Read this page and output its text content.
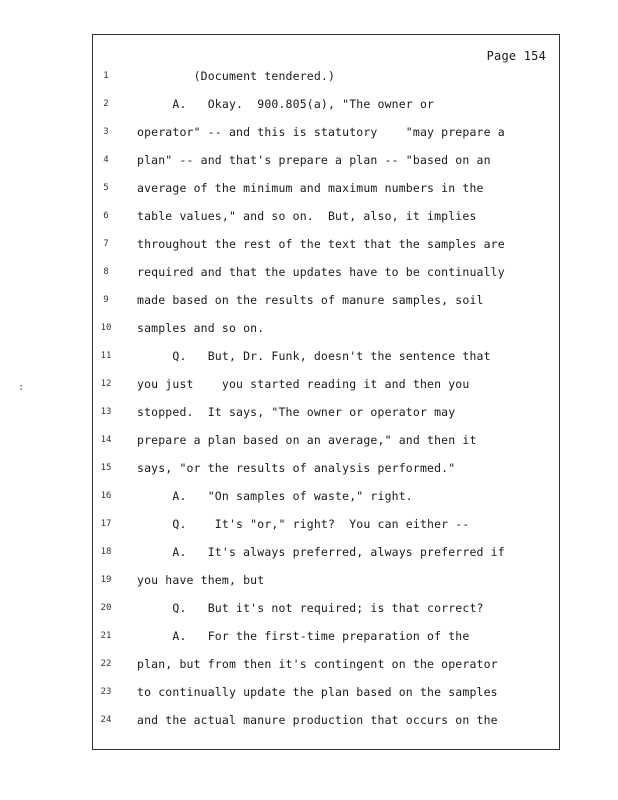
Page 154
:
1	(Document tendered.)
2	A.   Okay.  900.805(a), "The owner or
3	operator" -- and this is statutory    "may prepare a
4	plan" -- and that's prepare a plan -- "based on an
5	average of the minimum and maximum numbers in the
6	table values," and so on.  But, also, it implies
7	throughout the rest of the text that the samples are
8	required and that the updates have to be continually
9	made based on the results of manure samples, soil
10	samples and so on.
11	Q.   But, Dr. Funk, doesn't the sentence that
12	you just    you started reading it and then you
13	stopped.  It says, "The owner or operator may
14	prepare a plan based on an average," and then it
15	says, "or the results of analysis performed."
16	A.   "On samples of waste," right.
17	Q.    It's "or," right?  You can either --
18	A.   It's always preferred, always preferred if
19	you have them, but
20	Q.   But it's not required; is that correct?
21	A.   For the first-time preparation of the
22	plan, but from then it's contingent on the operator
23	to continually update the plan based on the samples
24	and the actual manure production that occurs on the
